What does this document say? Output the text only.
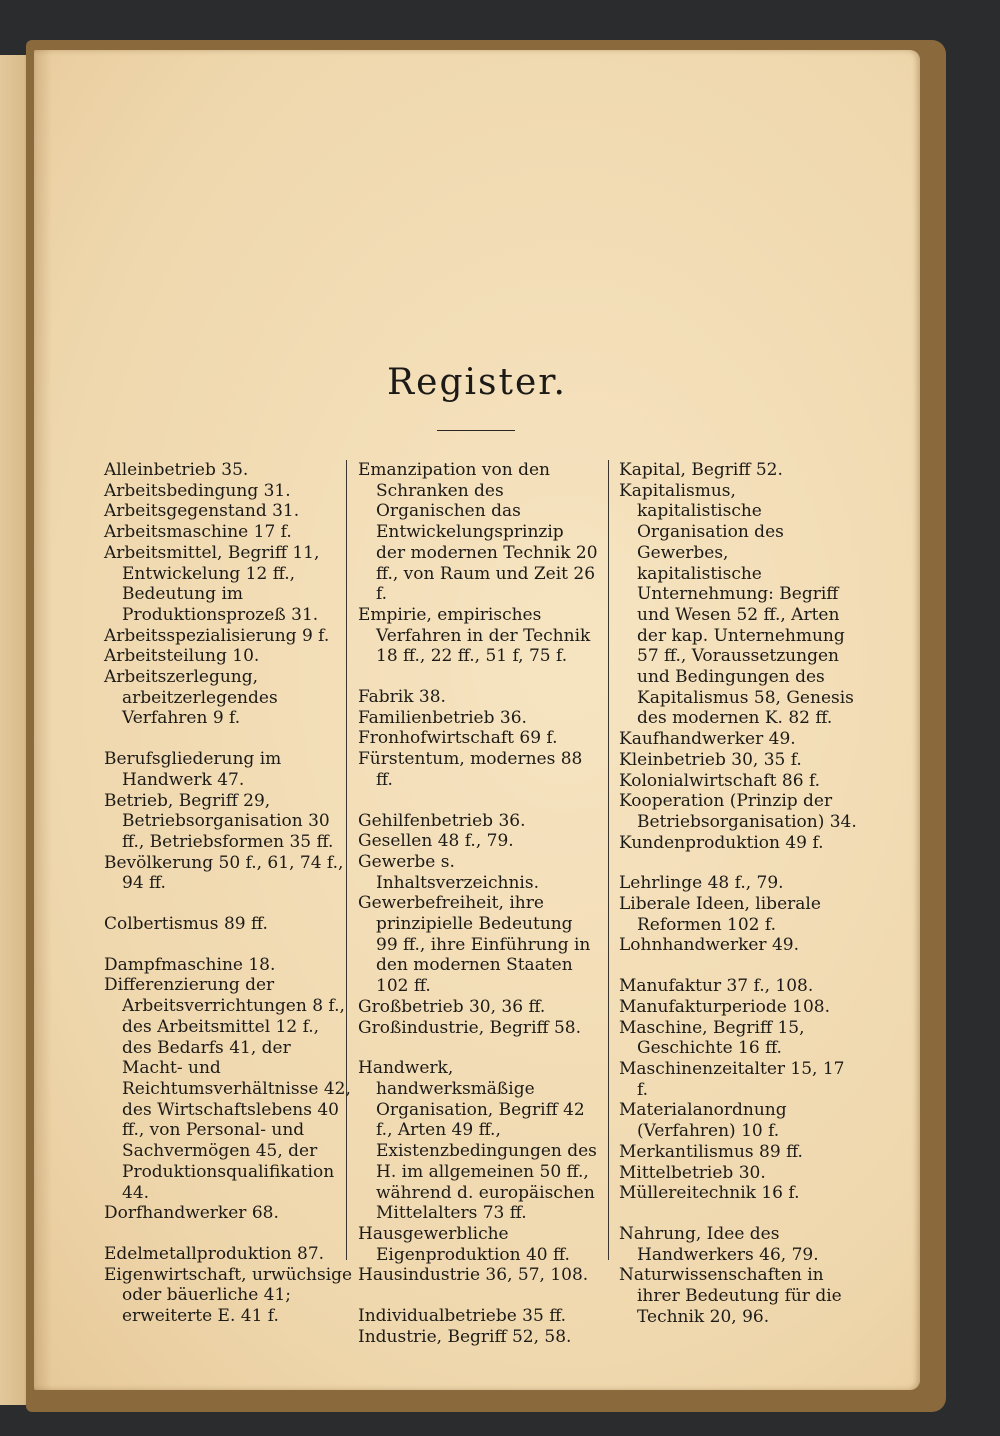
Register.

Alleinbetrieb 35.

Arbeitsbedingung 31.

Arbeitsgegenstand 31.

Arbeitsmaschine 17 f.

Arbeitsmittel, Begriff 11,
Entwickelung 12 ff., Bedeutung im Produktionsprozeß 31.

Arbeitsspezialisierung 9 f.

Arbeitsteilung 10.

Arbeitszerlegung, arbeitzerlegendes Verfahren 9 f.

Berufsgliederung im Handwerk 47.

Betrieb, Begriff 29, Betriebsorganisation 30 ff., Betriebsformen 35 ff.

Bevölkerung 50 f., 61, 74 f., 94 ff.

Colbertismus 89 ff.

Dampfmaschine 18.

Differenzierung der Arbeitsverrichtungen 8 f., des Arbeitsmittel 12 f., des Bedarfs 41, der Macht- und Reichtumsverhältnisse 42, des Wirtschaftslebens 40 ff., von Personal- und Sachvermögen 45, der Produktionsqualifikation 44.

Dorfhandwerker 68.

Edelmetallproduktion 87.

Eigenwirtschaft, urwüchsige oder bäuerliche 41; erweiterte E. 41 f.

Emanzipation von den Schranken des Organischen das Entwickelungsprinzip der modernen Technik 20 ff., von Raum und Zeit 26 f.

Empirie, empirisches Verfahren in der Technik 18 ff., 22 ff., 51 f, 75 f.

Fabrik 38.

Familienbetrieb 36.

Fronhofwirtschaft 69 f.

Fürstentum, modernes 88 ff.

Gehilfenbetrieb 36.

Gesellen 48 f., 79.

Gewerbe s. Inhaltsverzeichnis.

Gewerbefreiheit, ihre prinzipielle Bedeutung 99 ff., ihre Einführung in den modernen Staaten 102 ff.

Großbetrieb 30, 36 ff.

Großindustrie, Begriff 58.

Handwerk, handwerksmäßige Organisation, Begriff 42 f., Arten 49 ff., Existenzbedingungen des H. im allgemeinen 50 ff., während d. europäischen Mittelalters 73 ff.

Hausgewerbliche Eigenproduktion 40 ff.

Hausindustrie 36, 57, 108.

Individualbetriebe 35 ff.

Industrie, Begriff 52, 58.

Kapital, Begriff 52.

Kapitalismus, kapitalistische Organisation des Gewerbes, kapitalistische Unternehmung: Begriff und Wesen 52 ff., Arten der kap. Unternehmung 57 ff., Voraussetzungen und Bedingungen des Kapitalismus 58, Genesis des modernen K. 82 ff.

Kaufhandwerker 49.

Kleinbetrieb 30, 35 f.

Kolonialwirtschaft 86 f.

Kooperation (Prinzip der Betriebsorganisation) 34.

Kundenproduktion 49 f.

Lehrlinge 48 f., 79.

Liberale Ideen, liberale Reformen 102 f.

Lohnhandwerker 49.

Manufaktur 37 f., 108.

Manufakturperiode 108.

Maschine, Begriff 15, Geschichte 16 ff.

Maschinenzeitalter 15, 17 f.

Materialanordnung (Verfahren) 10 f.

Merkantilismus 89 ff.

Mittelbetrieb 30.

Müllereitechnik 16 f.

Nahrung, Idee des Handwerkers 46, 79.

Naturwissenschaften in ihrer Bedeutung für die Technik 20, 96.
